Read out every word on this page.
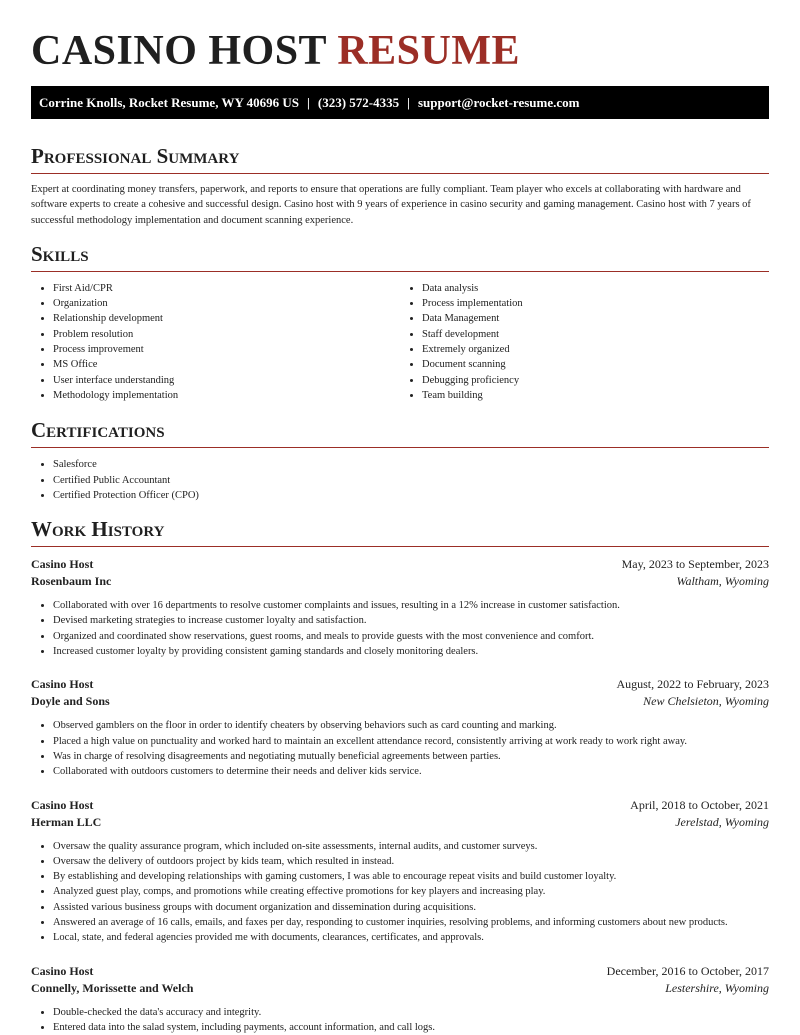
CASINO HOST RESUME
Corrine Knolls, Rocket Resume, WY 40696 US | (323) 572-4335 | support@rocket-resume.com
Professional Summary

Expert at coordinating money transfers, paperwork, and reports to ensure that operations are fully compliant. Team player who excels at collaborating with hardware and software experts to create a cohesive and successful design. Casino host with 9 years of experience in casino security and gaming management. Casino host with 7 years of successful methodology implementation and document scanning experience.

Skills
• First Aid/CPR
• Organization
• Relationship development
• Problem resolution
• Process improvement
• MS Office
• User interface understanding
• Methodology implementation
• Data analysis
• Process implementation
• Data Management
• Staff development
• Extremely organized
• Document scanning
• Debugging proficiency
• Team building
Certifications
• Salesforce
• Certified Public Accountant
• Certified Protection Officer (CPO)
Work History
Casino Host	May, 2023 to September, 2023
Rosenbaum Inc	Waltham, Wyoming
• Collaborated with over 16 departments to resolve customer complaints and issues, resulting in a 12% increase in customer satisfaction.
• Devised marketing strategies to increase customer loyalty and satisfaction.
• Organized and coordinated show reservations, guest rooms, and meals to provide guests with the most convenience and comfort.
• Increased customer loyalty by providing consistent gaming standards and closely monitoring dealers.
Casino Host	August, 2022 to February, 2023
Doyle and Sons	New Chelsieton, Wyoming
• Observed gamblers on the floor in order to identify cheaters by observing behaviors such as card counting and marking.
• Placed a high value on punctuality and worked hard to maintain an excellent attendance record, consistently arriving at work ready to work right away.
• Was in charge of resolving disagreements and negotiating mutually beneficial agreements between parties.
• Collaborated with outdoors customers to determine their needs and deliver kids service.
Casino Host	April, 2018 to October, 2021
Herman LLC	Jerelstad, Wyoming
• Oversaw the quality assurance program, which included on-site assessments, internal audits, and customer surveys.
• Oversaw the delivery of outdoors project by kids team, which resulted in instead.
• By establishing and developing relationships with gaming customers, I was able to encourage repeat visits and build customer loyalty.
• Analyzed guest play, comps, and promotions while creating effective promotions for key players and increasing play.
• Assisted various business groups with document organization and dissemination during acquisitions.
• Answered an average of 16 calls, emails, and faxes per day, responding to customer inquiries, resolving problems, and informing customers about new products.
• Local, state, and federal agencies provided me with documents, clearances, certificates, and approvals.
Casino Host	December, 2016 to October, 2017
Connelly, Morissette and Welch	Lestershire, Wyoming
• Double-checked the data's accuracy and integrity.
• Entered data into the salad system, including payments, account information, and call logs.
